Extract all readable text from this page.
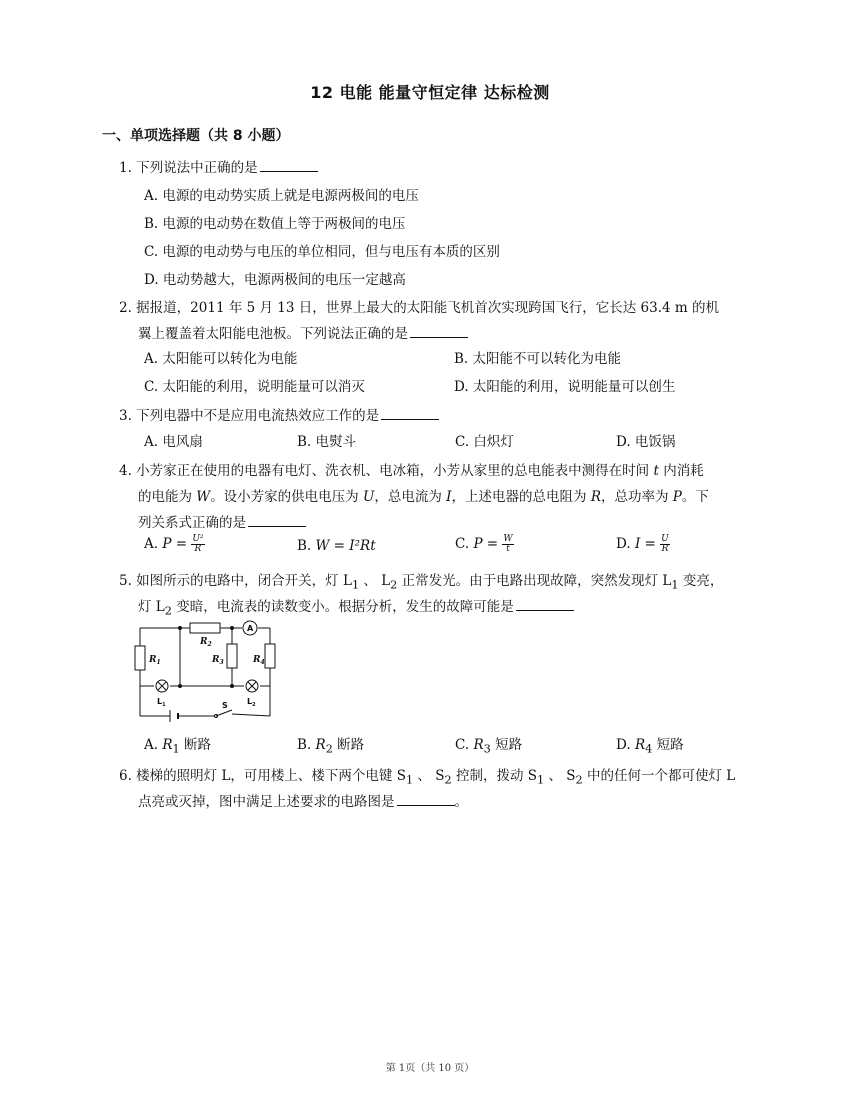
12 电能 能量守恒定律 达标检测
一、单项选择题（共 8 小题）
1. 下列说法中正确的是
A. 电源的电动势实质上就是电源两极间的电压
B. 电源的电动势在数值上等于两极间的电压
C. 电源的电动势与电压的单位相同，但与电压有本质的区别
D. 电动势越大，电源两极间的电压一定越高
2. 据报道，2011 年 5 月 13 日，世界上最大的太阳能飞机首次实现跨国飞行，它长达 63.4 m 的机
翼上覆盖着太阳能电池板。下列说法正确的是
A. 太阳能可以转化为电能	B. 太阳能不可以转化为电能
C. 太阳能的利用，说明能量可以消灭	D. 太阳能的利用，说明能量可以创生
3. 下列电器中不是应用电流热效应工作的是
A. 电风扇	B. 电熨斗	C. 白炽灯	D. 电饭锅
4. 小芳家正在使用的电器有电灯、洗衣机、电冰箱，小芳从家里的总电能表中测得在时间 t 内消耗
的电能为 W。设小芳家的供电电压为 U，总电流为 I，上述电器的总电阻为 R，总功率为 P。下
列关系式正确的是
A. $P = \frac{\text{U²}}{R}$	B. W = I²Rt	C. $P = \frac{W}{t}$	D. $I = \frac{U}{R}$
5. 如图所示的电路中，闭合开关，灯 $L_1$ 、 $L_2$ 正常发光。由于电路出现故障，突然发现灯 $L_1$ 变亮，
灯 $L_2$ 变暗，电流表的读数变小。根据分析，发生的故障可能是
$R_1$
$R_2$
$R_3$	$R_4$
A
$L_1$	$L_2$
S
A. $R_1$ 断路	B. $R_2$ 断路	C. $R_3$ 短路	D. $R_4$ 短路
6. 楼梯的照明灯 L，可用楼上、楼下两个电键 $S_1$ 、 $S_2$ 控制，拨动 $S_1$ 、 $S_2$ 中的任何一个都可使灯 L
点亮或灭掉，图中满足上述要求的电路图是	。
第 1页（共 10 页）
